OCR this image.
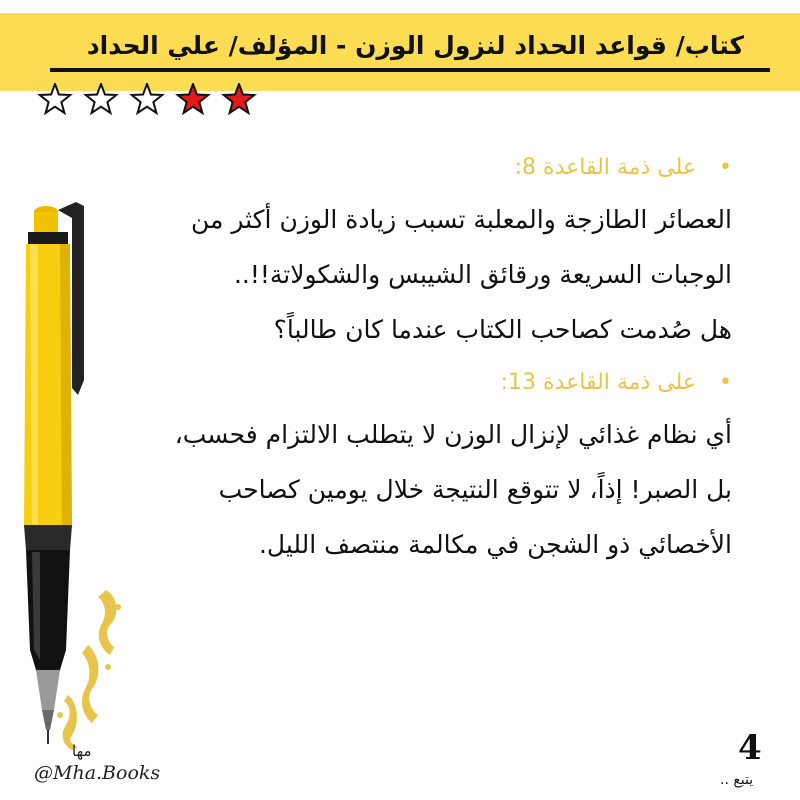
كتاب/ قواعد الحداد لنزول الوزن - المؤلف/ علي الحداد
•
على ذمة القاعدة 8:
العصائر الطازجة والمعلبة تسبب زيادة الوزن أكثر من
الوجبات السريعة ورقائق الشيبس والشكولاتة!!..
هل صُدمت كصاحب الكتاب عندما كان طالباً؟
•
على ذمة القاعدة 13:
أي نظام غذائي لإنزال الوزن لا يتطلب الالتزام فحسب،
بل الصبر! إذاً، لا تتوقع النتيجة خلال يومين كصاحب
الأخصائي ذو الشجن في مكالمة منتصف الليل.
مها
@Mha.Books
4
يتبع ..
